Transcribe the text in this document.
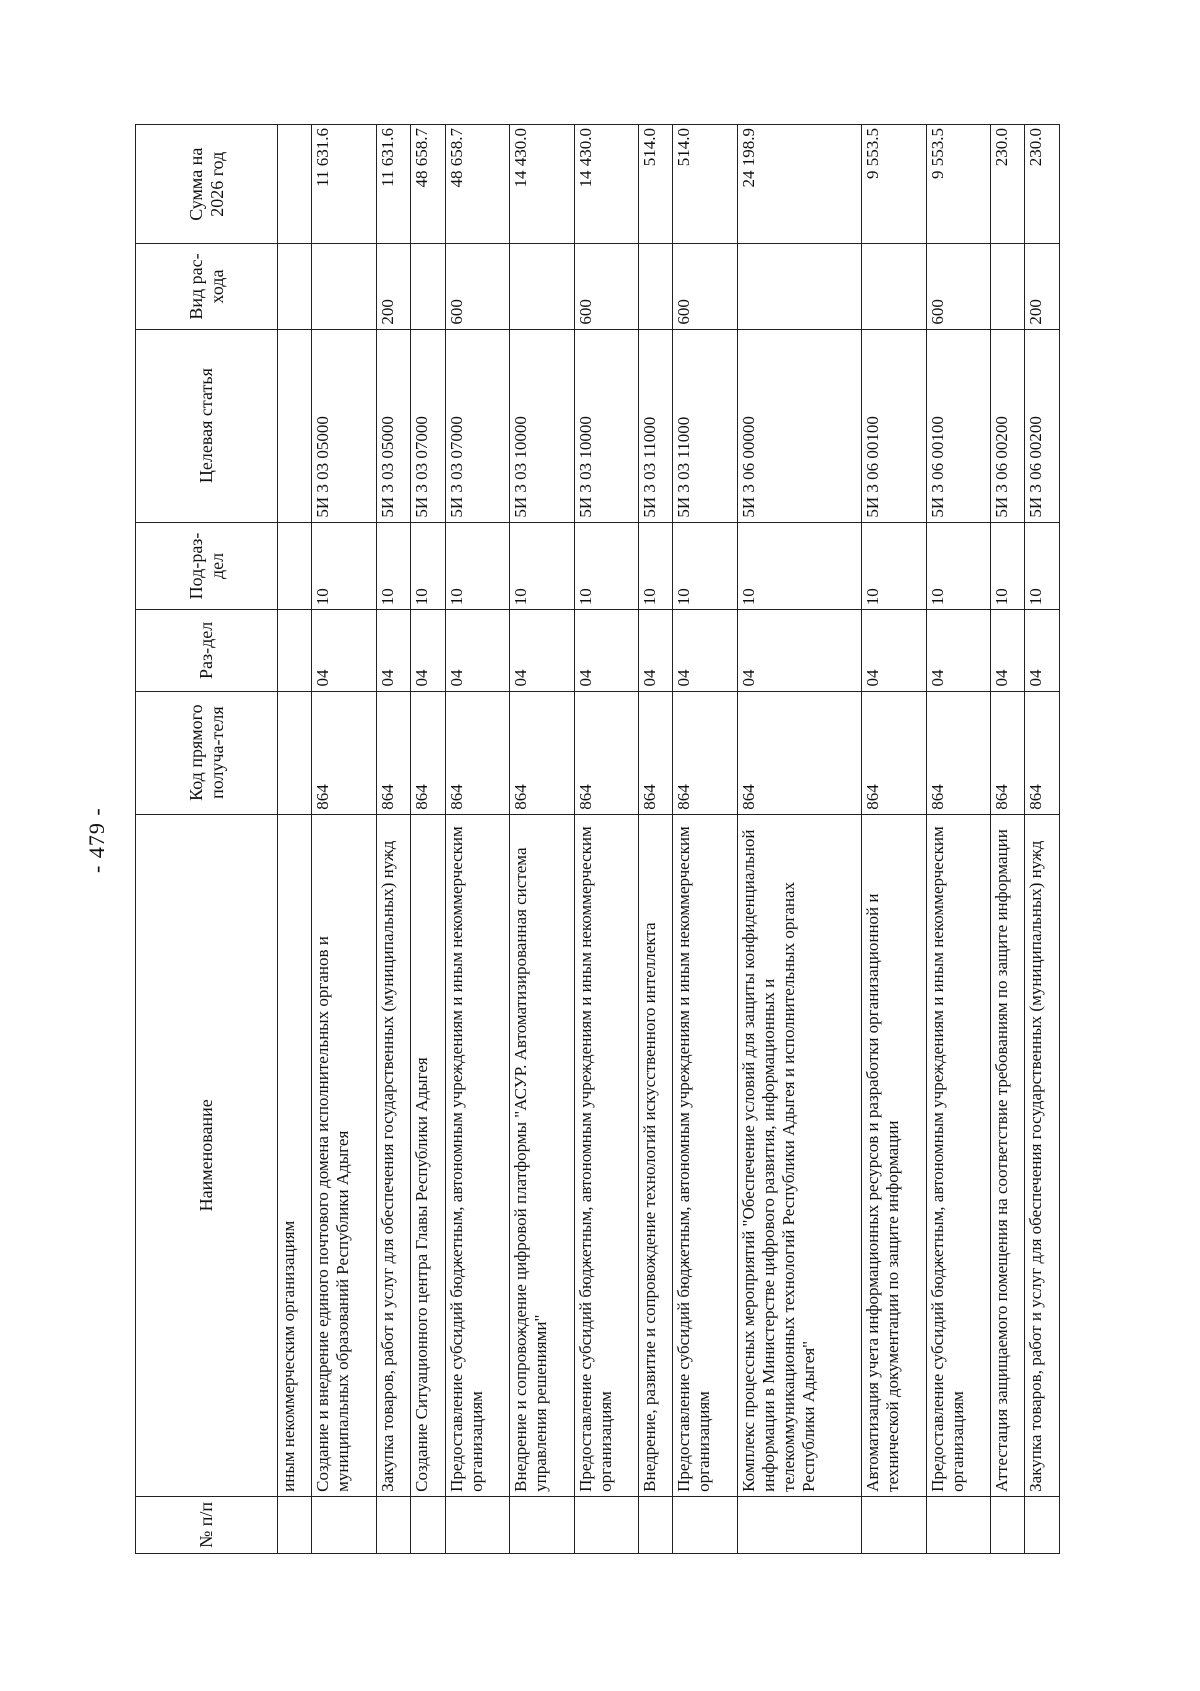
- 479 -
№ п/п	Наименование	Код прямого получа-теля	Раз-дел	Под-раз-дел	Целевая статья	Вид рас-хода	Сумма на 2026 год
	иным некоммерческим организациям						
	Создание и внедрение единого почтового домена исполнительных органов и муниципальных образований Республики Адыгея	864	04	10	5И 3 03 05000		11 631.6
	Закупка товаров, работ и услуг для обеспечения государственных (муниципальных) нужд	864	04	10	5И 3 03 05000	200	11 631.6
	Создание Ситуационного центра Главы Республики Адыгея	864	04	10	5И 3 03 07000		48 658.7
	Предоставление субсидий бюджетным, автономным учреждениям и иным некоммерческим организациям	864	04	10	5И 3 03 07000	600	48 658.7
	Внедрение и сопровождение цифровой платформы "АСУР. Автоматизированная система управления решениями"	864	04	10	5И 3 03 10000		14 430.0
	Предоставление субсидий бюджетным, автономным учреждениям и иным некоммерческим организациям	864	04	10	5И 3 03 10000	600	14 430.0
	Внедрение, развитие и сопровождение технологий искусственного интеллекта	864	04	10	5И 3 03 11000		514.0
	Предоставление субсидий бюджетным, автономным учреждениям и иным некоммерческим организациям	864	04	10	5И 3 03 11000	600	514.0
	Комплекс процессных мероприятий "Обеспечение условий для защиты конфиденциальной информации в Министерстве цифрового развития, информационных и телекоммуникационных технологий Республики Адыгея и исполнительных органах Республики Адыгея"	864	04	10	5И 3 06 00000		24 198.9
	Автоматизация учета информационных ресурсов и разработки организационной и технической документации по защите информации	864	04	10	5И 3 06 00100		9 553.5
	Предоставление субсидий бюджетным, автономным учреждениям и иным некоммерческим организациям	864	04	10	5И 3 06 00100	600	9 553.5
	Аттестация защищаемого помещения на соответствие требованиям по защите информации	864	04	10	5И 3 06 00200		230.0
	Закупка товаров, работ и услуг для обеспечения государственных (муниципальных) нужд	864	04	10	5И 3 06 00200	200	230.0
